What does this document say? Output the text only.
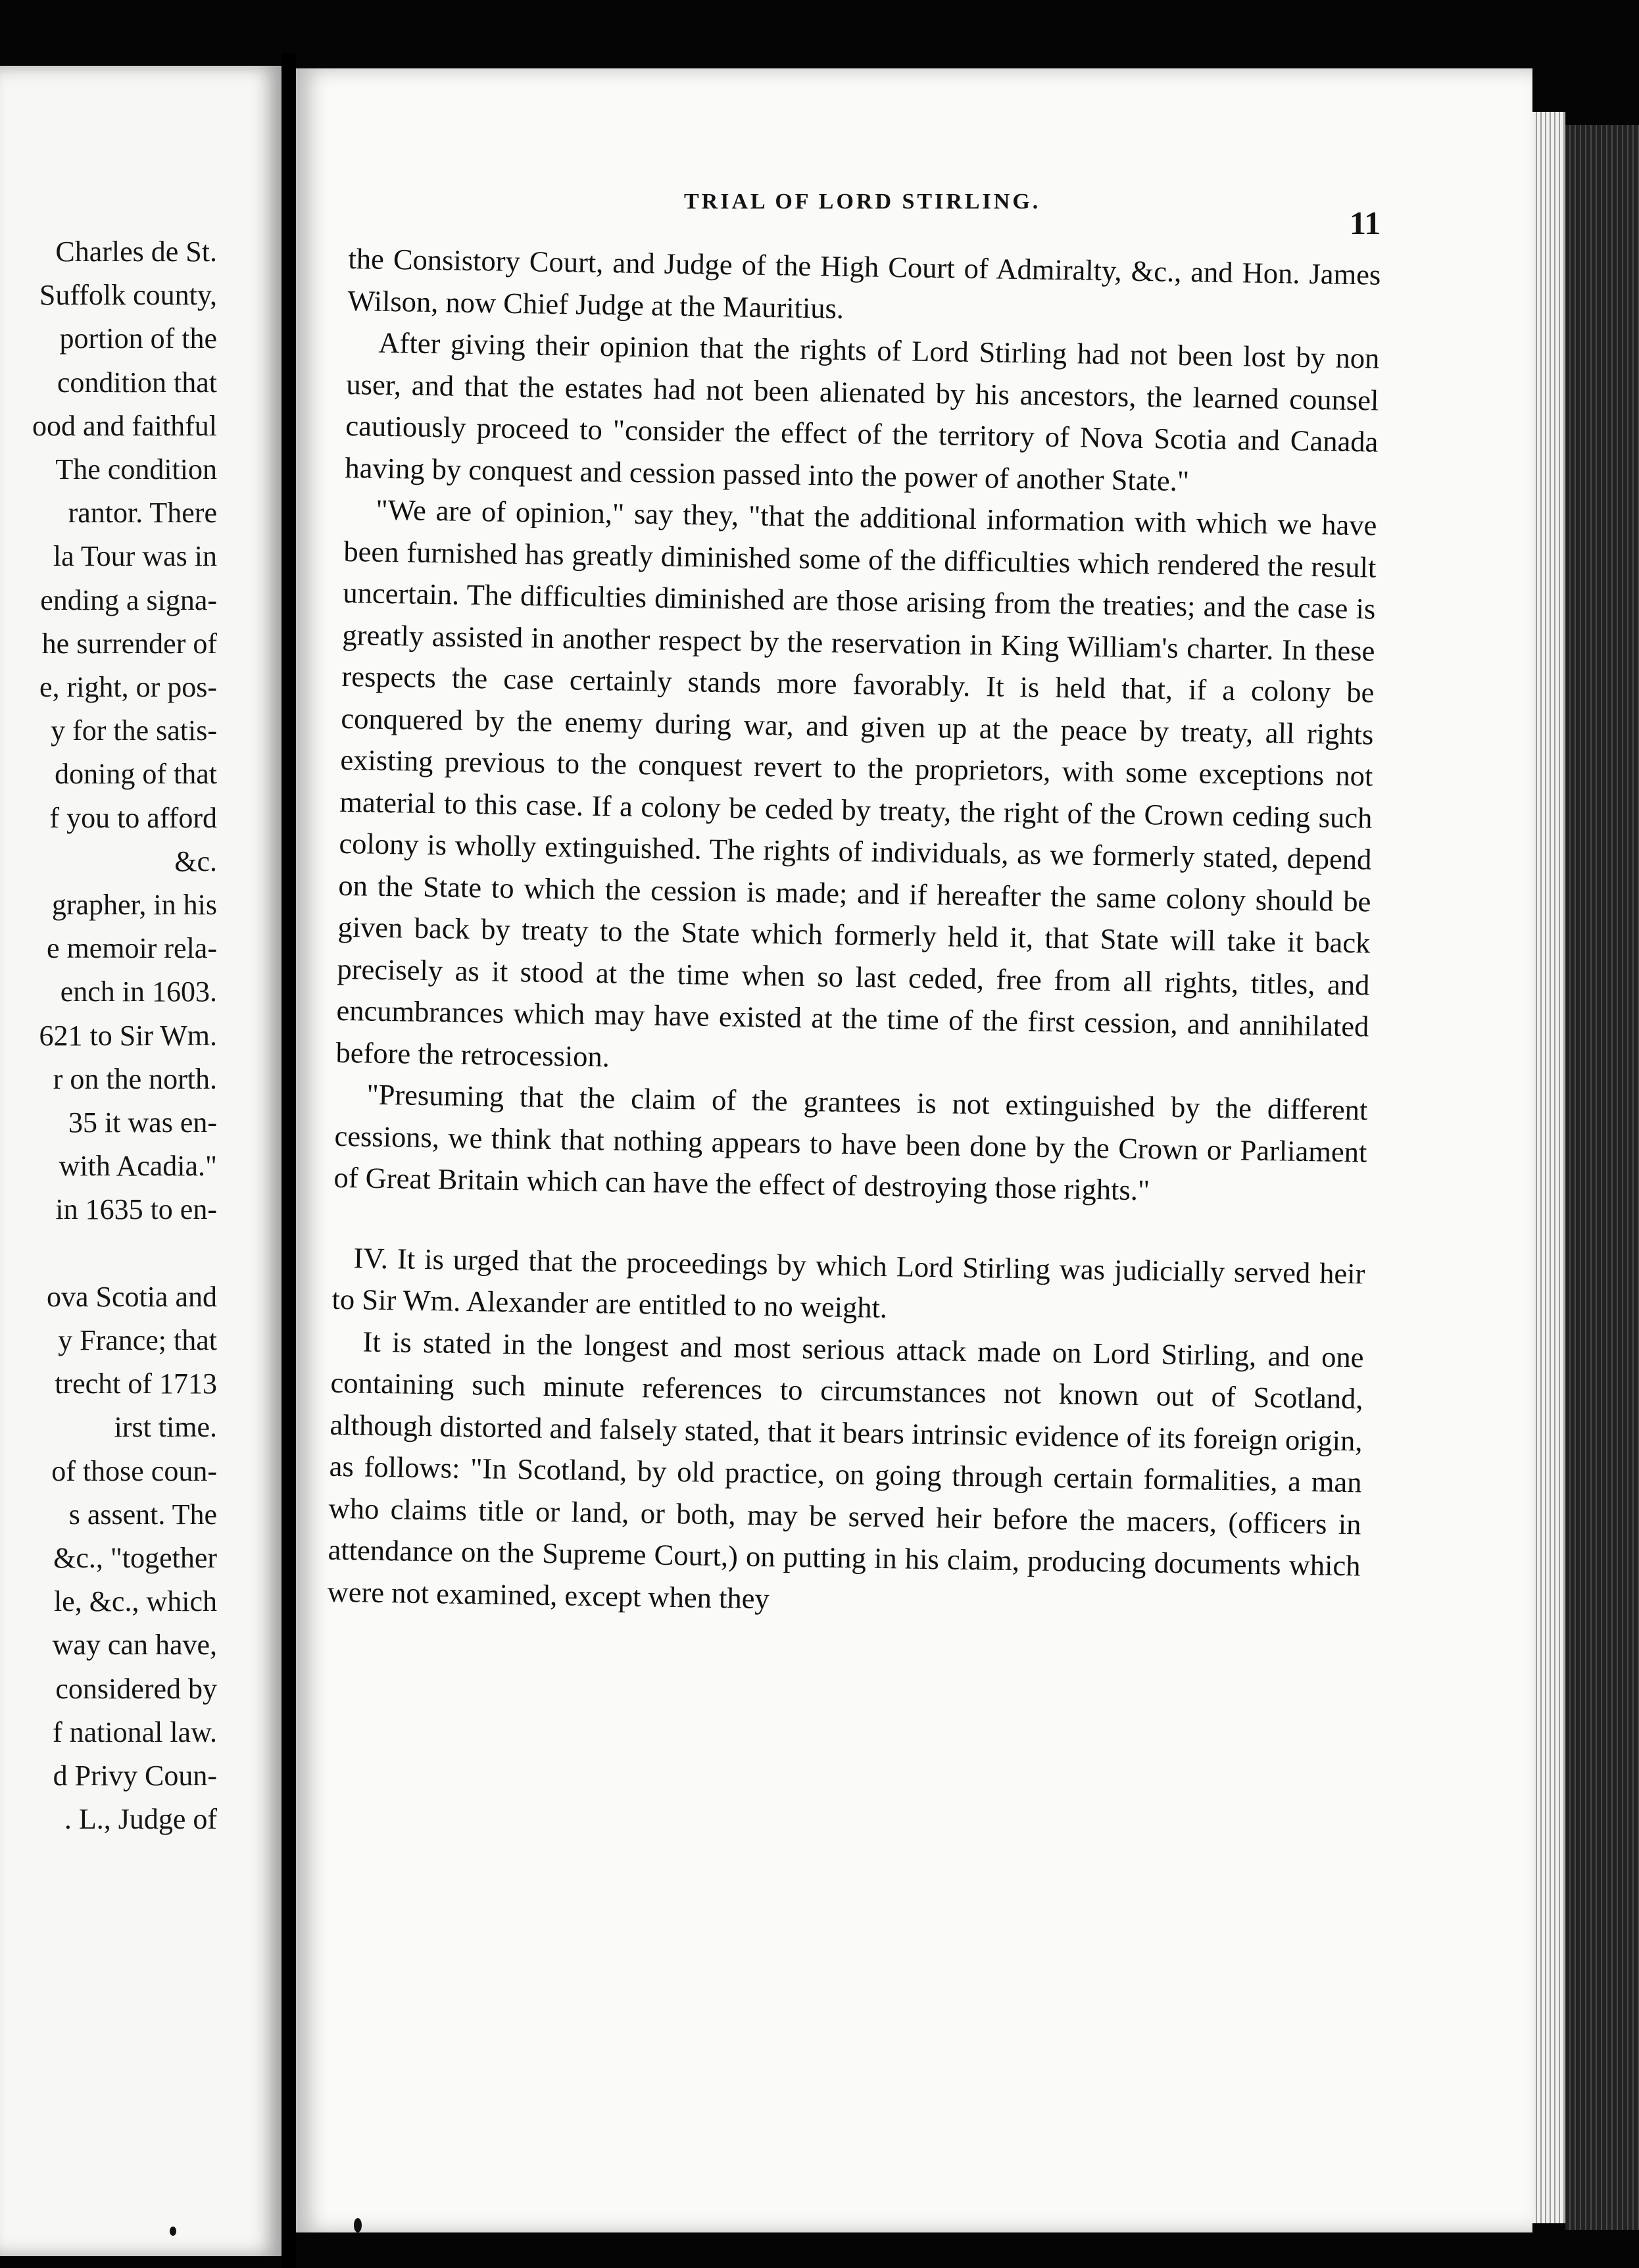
Charles de St.
Suffolk county,
portion of the
condition that
ood and faithful
The condition
rantor. There
la Tour was in
ending a signa-
he surrender of
e, right, or pos-
y for the satis-
doning of that
f you to afford
&c.
grapher, in his
e memoir rela-
ench in 1603.
621 to Sir Wm.
r on the north.
35 it was en-
with Acadia."
in 1635 to en-
ova Scotia and
y France; that
trecht of 1713
irst time.
of those coun-
s assent. The
&c., "together
le, &c., which
way can have,
considered by
f national law.
d Privy Coun-
. L., Judge of
TRIAL OF LORD STIRLING.
11

the Consistory Court, and Judge of the High Court of Admiralty, &c., and Hon. James Wilson, now Chief Judge at the Mauritius.

After giving their opinion that the rights of Lord Stirling had not been lost by non user, and that the estates had not been alienated by his ancestors, the learned counsel cautiously proceed to "consider the effect of the territory of Nova Scotia and Canada having by conquest and cession passed into the power of another State."

"We are of opinion," say they, "that the additional information with which we have been furnished has greatly diminished some of the difficulties which rendered the result uncertain. The difficulties diminished are those arising from the treaties; and the case is greatly assisted in another respect by the reservation in King William's charter. In these respects the case certainly stands more favorably. It is held that, if a colony be conquered by the enemy during war, and given up at the peace by treaty, all rights existing previous to the conquest revert to the proprietors, with some exceptions not material to this case. If a colony be ceded by treaty, the right of the Crown ceding such colony is wholly extinguished. The rights of individuals, as we formerly stated, depend on the State to which the cession is made; and if hereafter the same colony should be given back by treaty to the State which formerly held it, that State will take it back precisely as it stood at the time when so last ceded, free from all rights, titles, and encumbrances which may have existed at the time of the first cession, and annihilated before the retrocession.

"Presuming that the claim of the grantees is not extinguished by the different cessions, we think that nothing appears to have been done by the Crown or Parliament of Great Britain which can have the effect of destroying those rights."

IV. It is urged that the proceedings by which Lord Stirling was judicially served heir to Sir Wm. Alexander are entitled to no weight.

It is stated in the longest and most serious attack made on Lord Stirling, and one containing such minute references to circumstances not known out of Scotland, although distorted and falsely stated, that it bears intrinsic evidence of its foreign origin, as follows: "In Scotland, by old practice, on going through certain formalities, a man who claims title or land, or both, may be served heir before the macers, (officers in attendance on the Supreme Court,) on putting in his claim, producing documents which were not examined, except when they
